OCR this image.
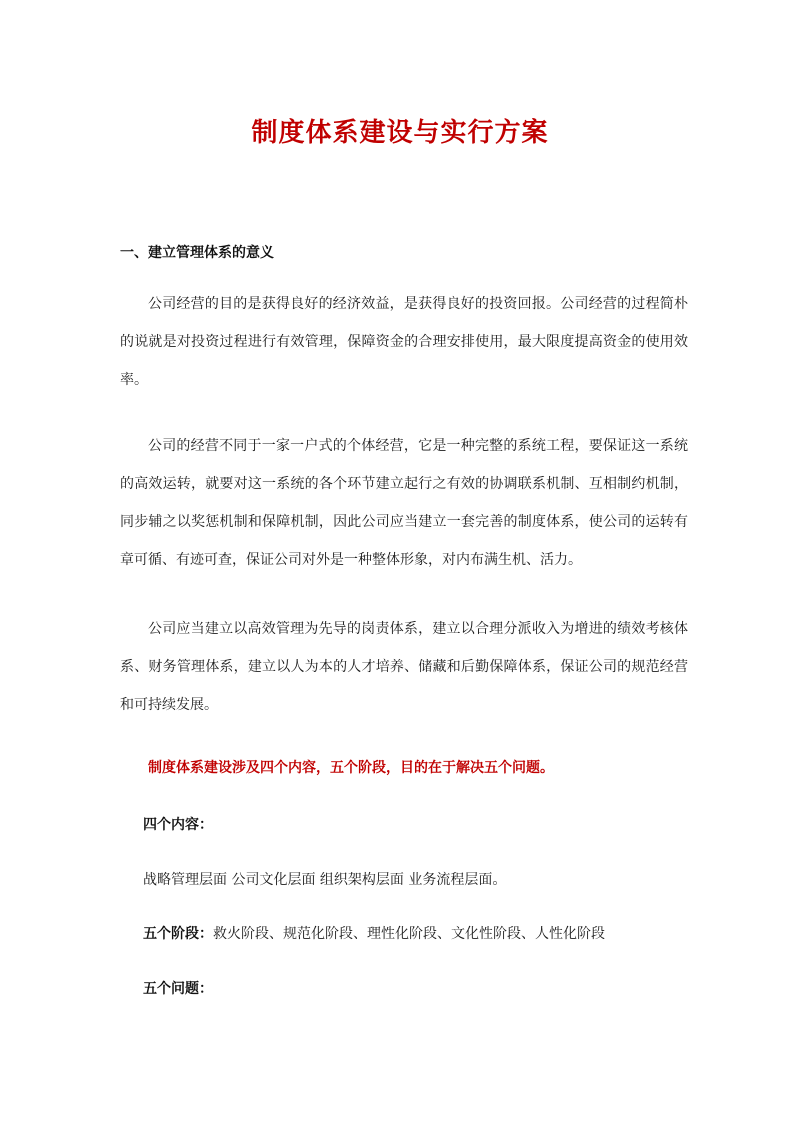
制度体系建设与实行方案
一、建立管理体系的意义

公司经营的目的是获得良好的经济效益，是获得良好的投资回报。公司经营的过程简朴的说就是对投资过程进行有效管理，保障资金的合理安排使用，最大限度提高资金的使用效率。

公司的经营不同于一家一户式的个体经营，它是一种完整的系统工程，要保证这一系统的高效运转，就要对这一系统的各个环节建立起行之有效的协调联系机制、互相制约机制，同步辅之以奖惩机制和保障机制，因此公司应当建立一套完善的制度体系，使公司的运转有章可循、有迹可查，保证公司对外是一种整体形象，对内布满生机、活力。

公司应当建立以高效管理为先导的岗责体系，建立以合理分派收入为增进的绩效考核体系、财务管理体系，建立以人为本的人才培养、储藏和后勤保障体系，保证公司的规范经营和可持续发展。

制度体系建设涉及四个内容，五个阶段，目的在于解决五个问题。
四个内容：
战略管理层面 公司文化层面 组织架构层面 业务流程层面。
五个阶段：救火阶段、规范化阶段、理性化阶段、文化性阶段、人性化阶段
五个问题：
